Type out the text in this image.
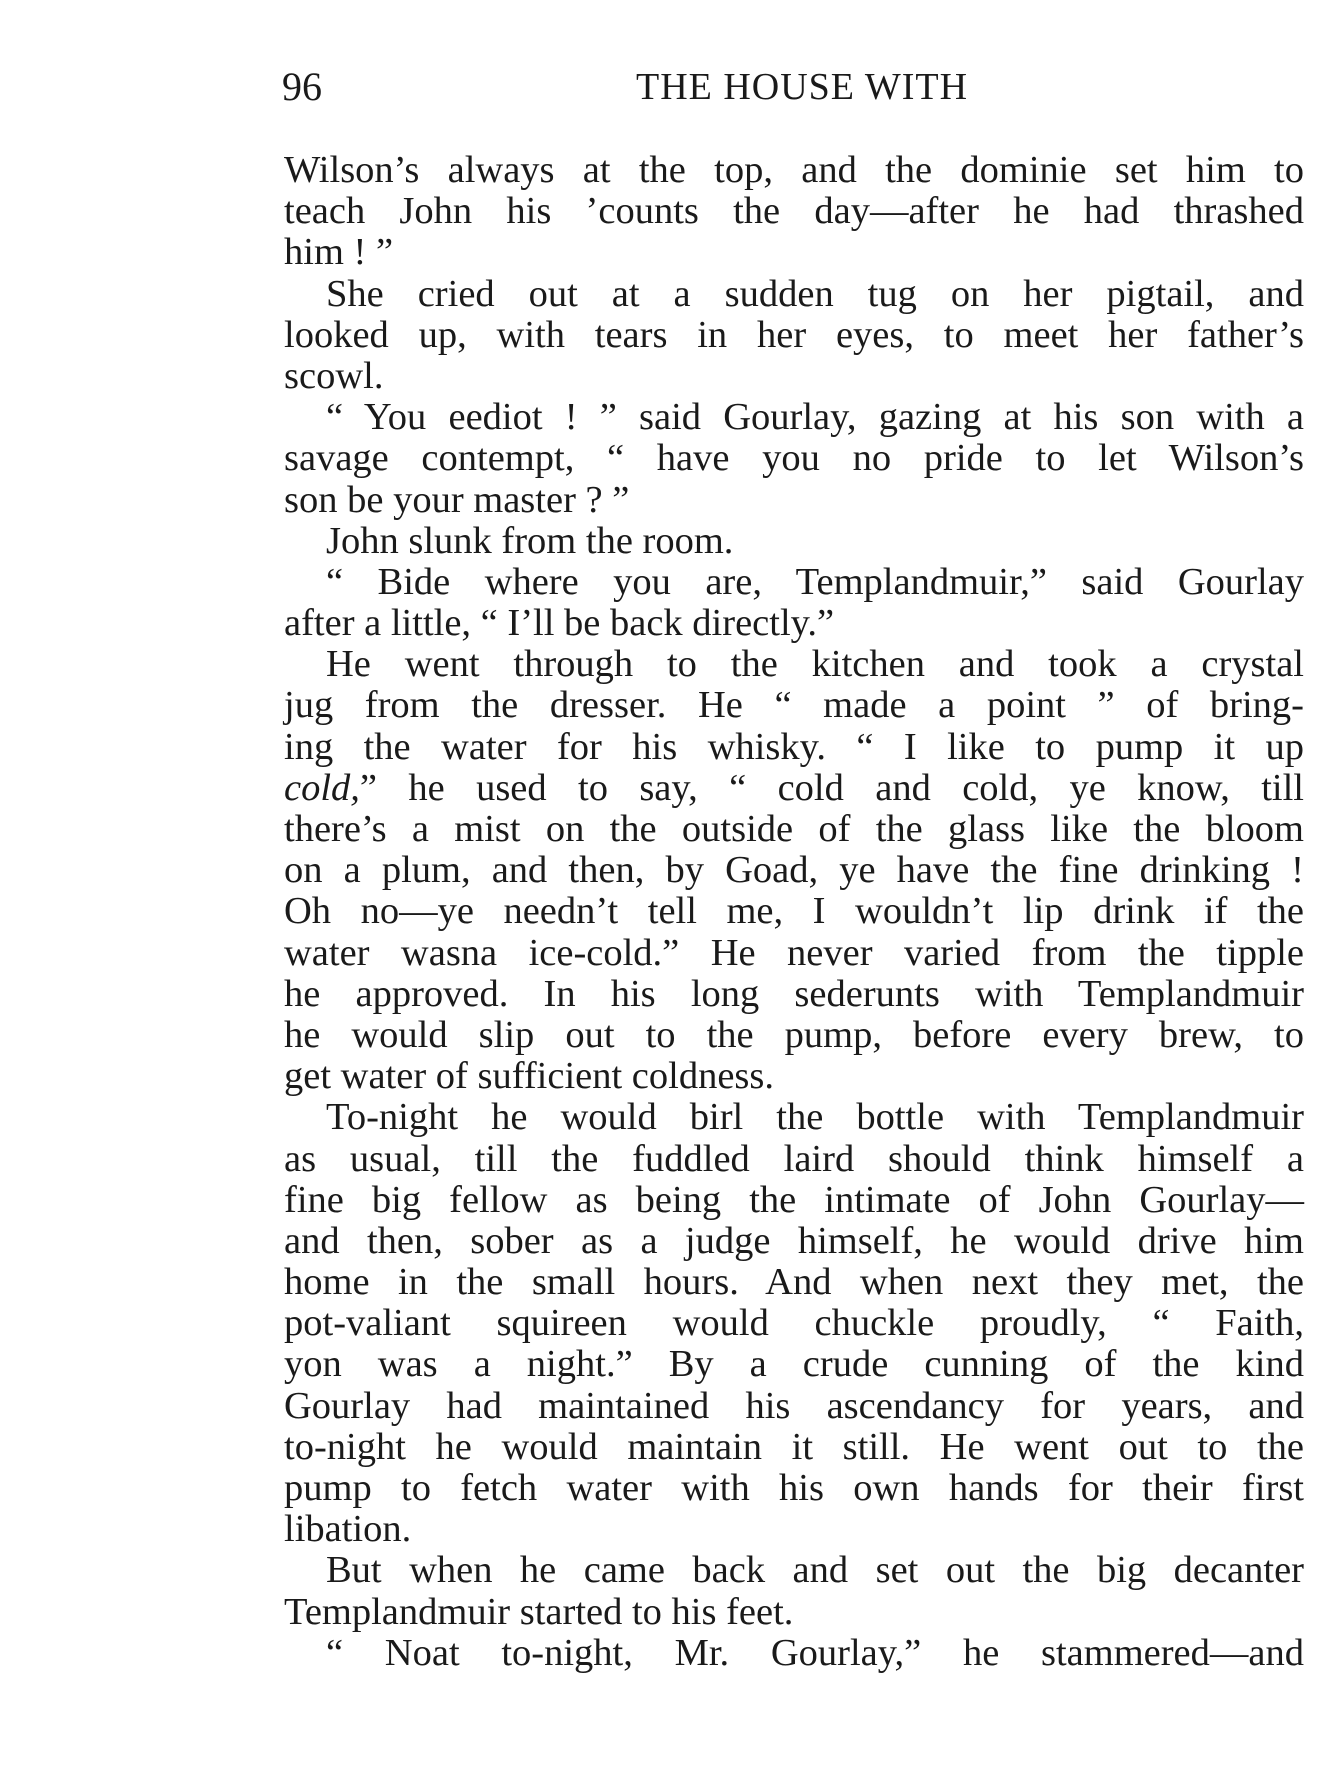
96	THE HOUSE WITH
Wilson’s always at the top, and the dominie set him to
teach John his ’counts the day—after he had thrashed
him ! ”
She cried out at a sudden tug on her pigtail, and
looked up, with tears in her eyes, to meet her father’s
scowl.
“ You eediot ! ” said Gourlay, gazing at his son with a
savage contempt, “ have you no pride to let Wilson’s
son be your master ? ”
John slunk from the room.
“ Bide where you are, Templandmuir,” said Gourlay
after a little, “ I’ll be back directly.”
He went through to the kitchen and took a crystal
jug from the dresser. He “ made a point ” of bring-
ing the water for his whisky. “ I like to pump it up
cold,” he used to say, “ cold and cold, ye know, till
there’s a mist on the outside of the glass like the bloom
on a plum, and then, by Goad, ye have the fine drinking !
Oh no—ye needn’t tell me, I wouldn’t lip drink if the
water wasna ice-cold.” He never varied from the tipple
he approved. In his long sederunts with Templandmuir
he would slip out to the pump, before every brew, to
get water of sufficient coldness.
To-night he would birl the bottle with Templandmuir
as usual, till the fuddled laird should think himself a
fine big fellow as being the intimate of John Gourlay—
and then, sober as a judge himself, he would drive him
home in the small hours. And when next they met, the
pot-valiant squireen would chuckle proudly, “ Faith,
yon was a night.” By a crude cunning of the kind
Gourlay had maintained his ascendancy for years, and
to-night he would maintain it still. He went out to the
pump to fetch water with his own hands for their first
libation.
But when he came back and set out the big decanter
Templandmuir started to his feet.
“ Noat to-night, Mr. Gourlay,” he stammered—and
